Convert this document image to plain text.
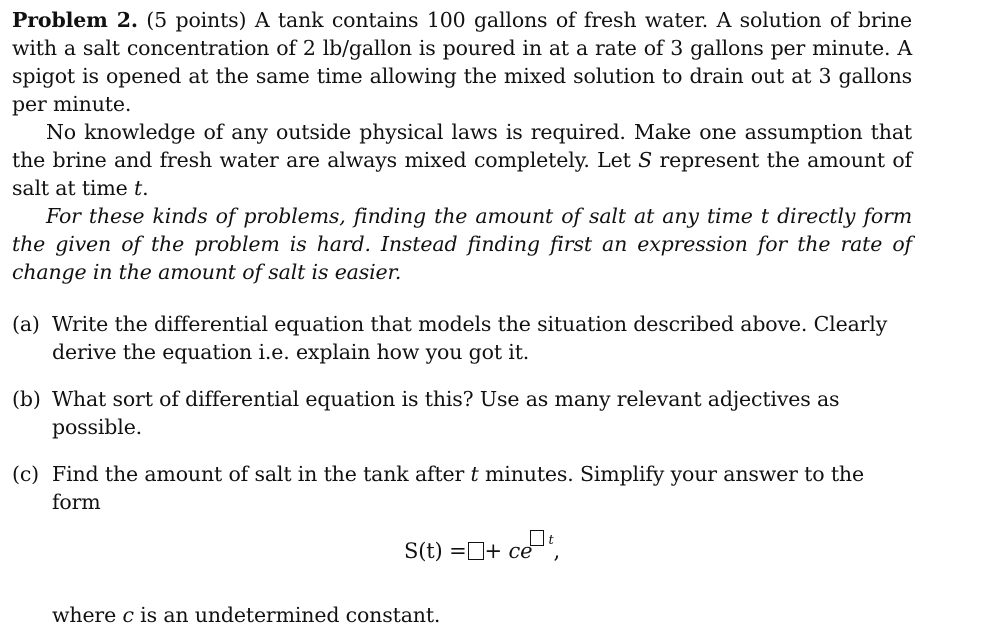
Problem 2. (5 points) A tank contains 100 gallons of fresh water. A solution of brine with a salt concentration of 2 lb/gallon is poured in at a rate of 3 gallons per minute. A spigot is opened at the same time allowing the mixed solution to drain out at 3 gallons per minute.

No knowledge of any outside physical laws is required. Make one assumption that the brine and fresh water are always mixed completely. Let S represent the amount of salt at time t.

For these kinds of problems, finding the amount of salt at any time t directly form the given of the problem is hard. Instead finding first an expression for the rate of change in the amount of salt is easier.

(a) Write the differential equation that models the situation described above. Clearly derive the equation i.e. explain how you got it.
(b) What sort of differential equation is this? Use as many relevant adjectives as possible.
(c) Find the amount of salt in the tank after t minutes. Simplify your answer to the form
S(t) = + ce $^t$,

where c is an undetermined constant.
